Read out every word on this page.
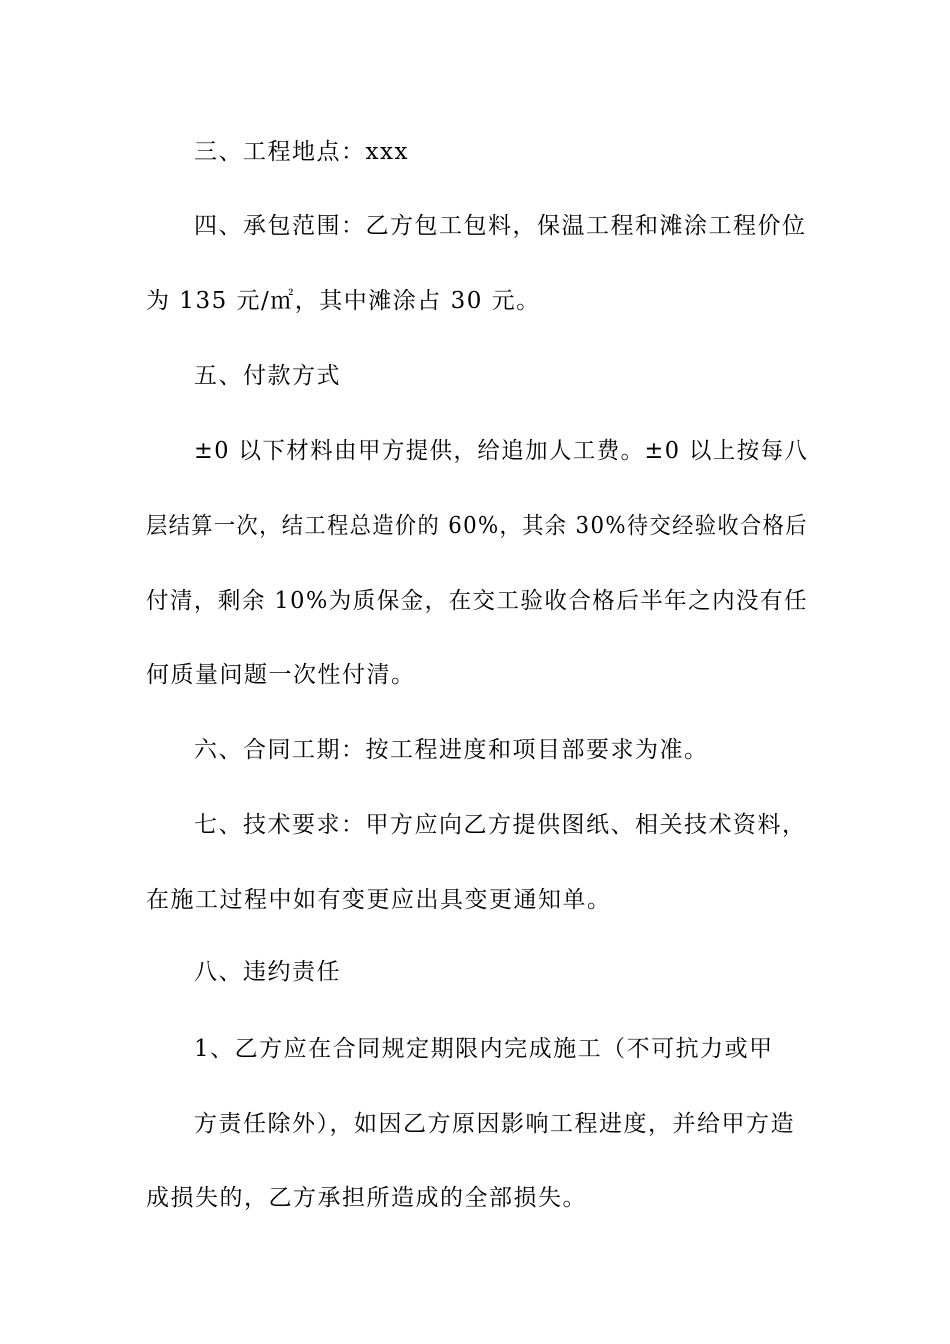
三、工程地点：xxx
四、承包范围：乙方包工包料，保温工程和滩涂工程价位
为 135 元/㎡，其中滩涂占 30 元。
五、付款方式
±0 以下材料由甲方提供，给追加人工费。±0 以上按每八
层结算一次，结工程总造价的 60%，其余 30%待交经验收合格后
付清，剩余 10%为质保金，在交工验收合格后半年之内没有任
何质量问题一次性付清。
六、合同工期：按工程进度和项目部要求为准。
七、技术要求：甲方应向乙方提供图纸、相关技术资料，
在施工过程中如有变更应出具变更通知单。
八、违约责任
1、乙方应在合同规定期限内完成施工（不可抗力或甲
方责任除外），如因乙方原因影响工程进度，并给甲方造
成损失的，乙方承担所造成的全部损失。
